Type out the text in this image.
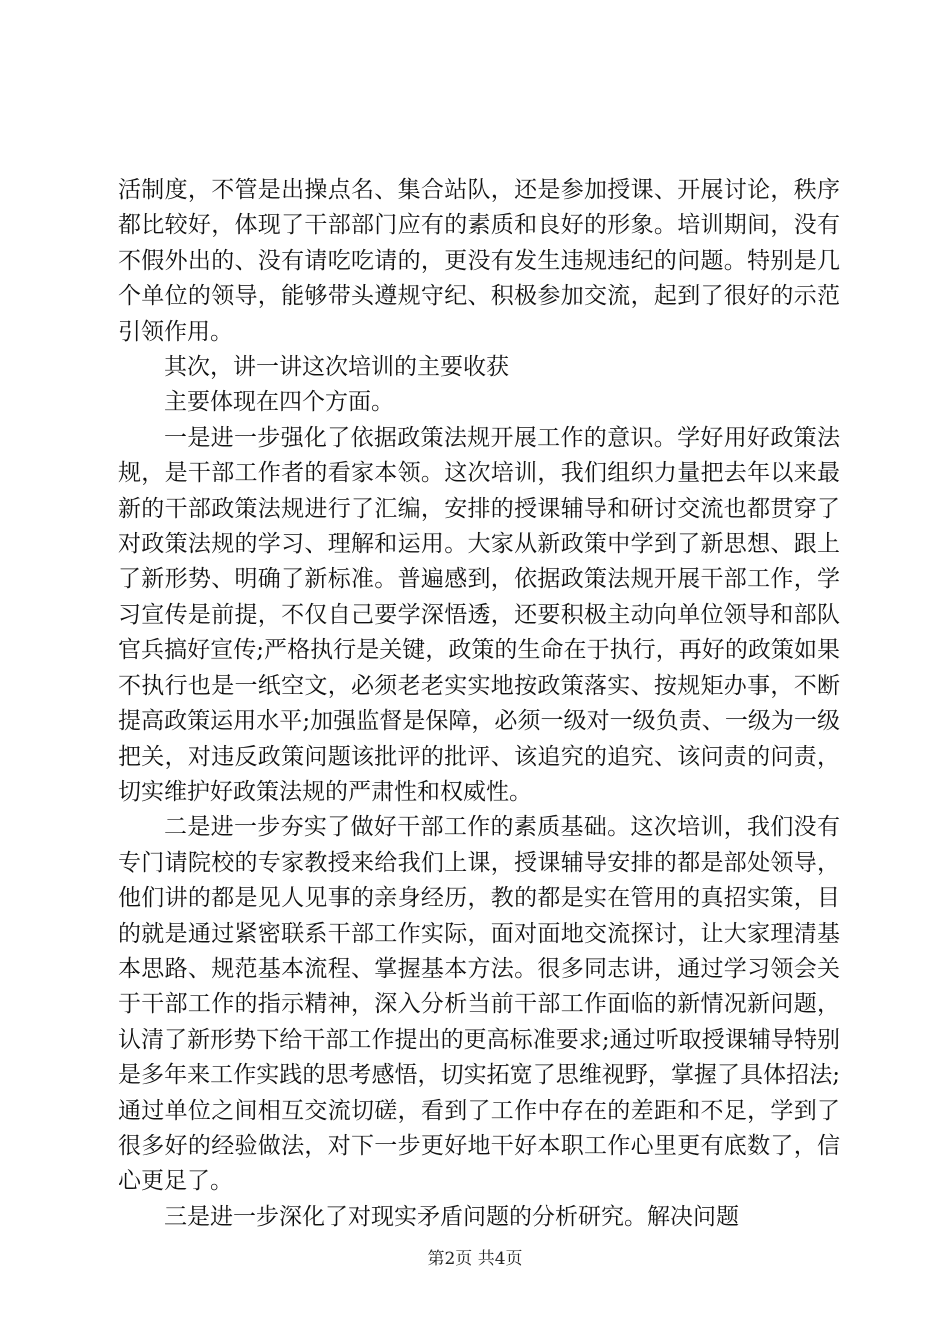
活制度，不管是出操点名、集合站队，还是参加授课、开展讨论，秩序都比较好，体现了干部部门应有的素质和良好的形象。培训期间，没有不假外出的、没有请吃吃请的，更没有发生违规违纪的问题。特别是几个单位的领导，能够带头遵规守纪、积极参加交流，起到了很好的示范引领作用。

其次，讲一讲这次培训的主要收获

主要体现在四个方面。

一是进一步强化了依据政策法规开展工作的意识。学好用好政策法规，是干部工作者的看家本领。这次培训，我们组织力量把去年以来最新的干部政策法规进行了汇编，安排的授课辅导和研讨交流也都贯穿了对政策法规的学习、理解和运用。大家从新政策中学到了新思想、跟上了新形势、明确了新标准。普遍感到，依据政策法规开展干部工作，学习宣传是前提，不仅自己要学深悟透，还要积极主动向单位领导和部队官兵搞好宣传;严格执行是关键，政策的生命在于执行，再好的政策如果不执行也是一纸空文，必须老老实实地按政策落实、按规矩办事，不断提高政策运用水平;加强监督是保障，必须一级对一级负责、一级为一级把关，对违反政策问题该批评的批评、该追究的追究、该问责的问责，切实维护好政策法规的严肃性和权威性。

二是进一步夯实了做好干部工作的素质基础。这次培训，我们没有专门请院校的专家教授来给我们上课，授课辅导安排的都是部处领导，他们讲的都是见人见事的亲身经历，教的都是实在管用的真招实策，目的就是通过紧密联系干部工作实际，面对面地交流探讨，让大家理清基本思路、规范基本流程、掌握基本方法。很多同志讲，通过学习领会关于干部工作的指示精神，深入分析当前干部工作面临的新情况新问题，认清了新形势下给干部工作提出的更高标准要求;通过听取授课辅导特别是多年来工作实践的思考感悟，切实拓宽了思维视野，掌握了具体招法;通过单位之间相互交流切磋，看到了工作中存在的差距和不足，学到了很多好的经验做法，对下一步更好地干好本职工作心里更有底数了，信心更足了。

三是进一步深化了对现实矛盾问题的分析研究。解决问题

第2页 共4页
